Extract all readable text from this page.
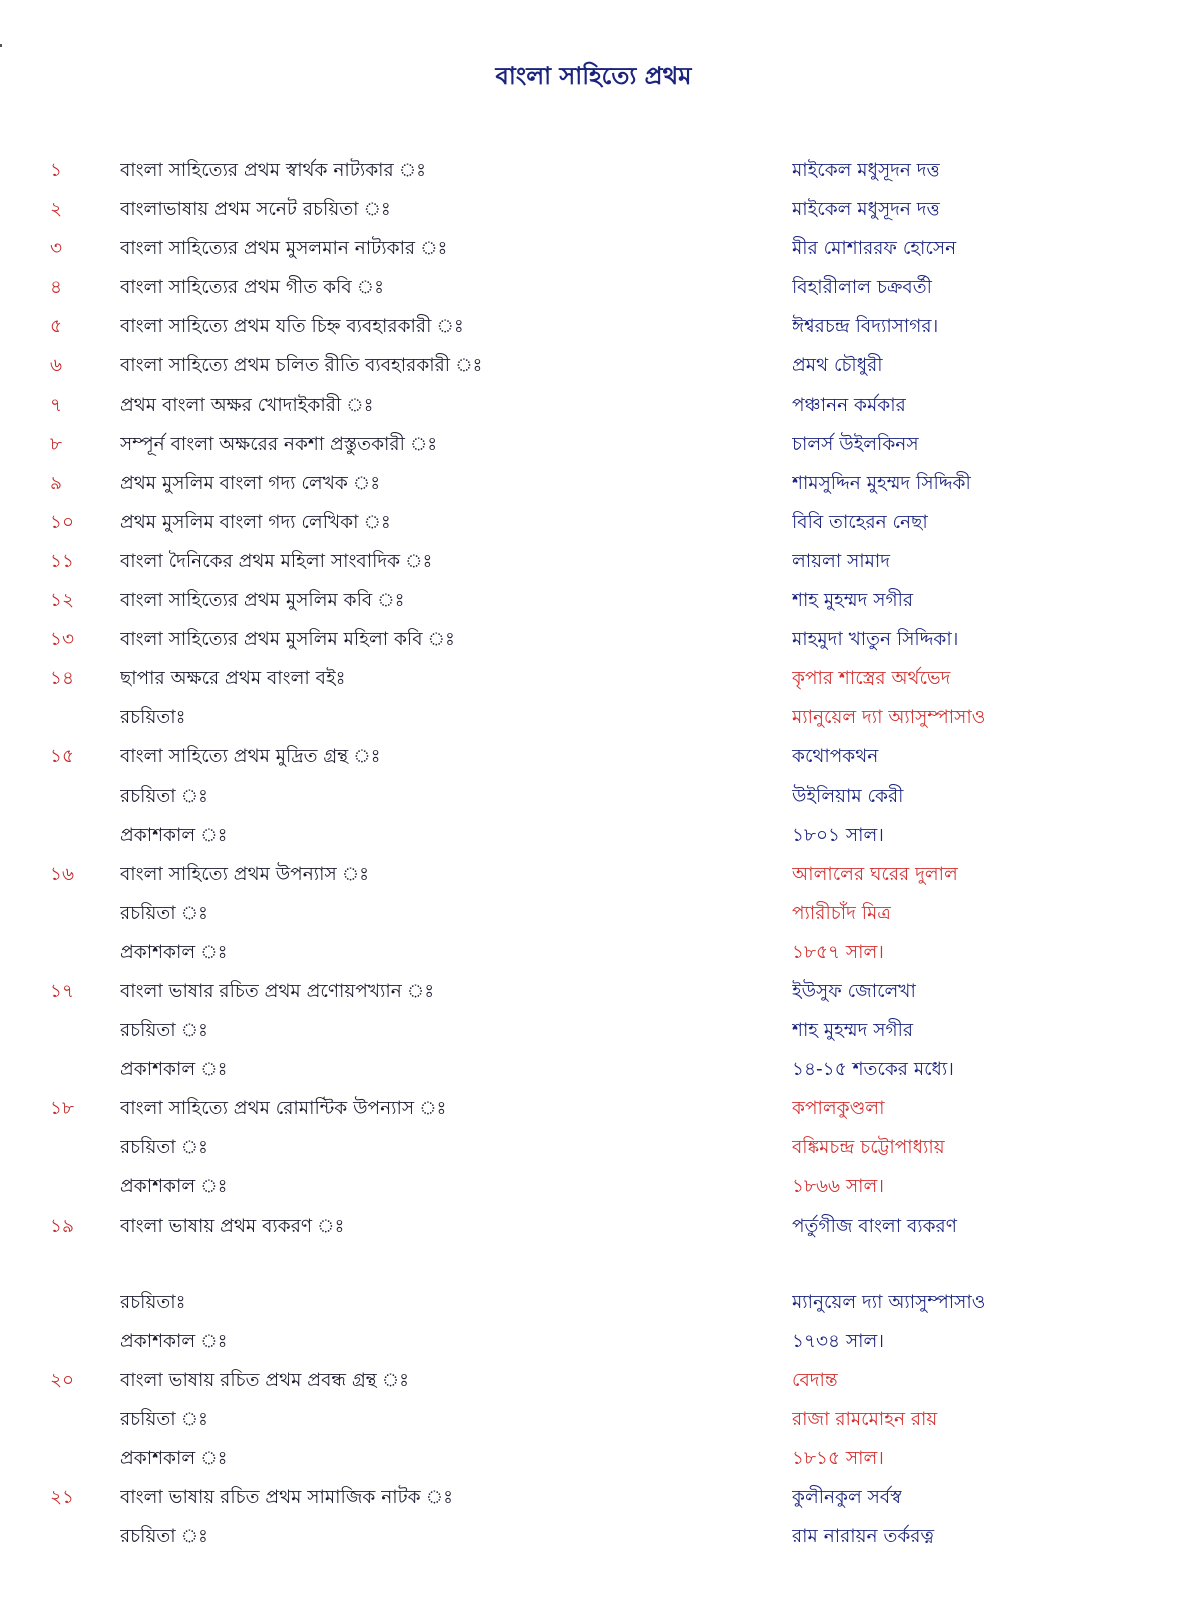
বাংলা সাহিত্যে প্রথম
১	বাংলা সাহিত্যের প্রথম স্বার্থক নাট্যকার ঃ	মাইকেল মধুসূদন দত্ত
২	বাংলাভাষায় প্রথম সনেট রচয়িতা ঃ	মাইকেল মধুসূদন দত্ত
৩	বাংলা সাহিত্যের প্রথম মুসলমান নাট্যকার ঃ	মীর মোশাররফ হোসেন
৪	বাংলা সাহিত্যের প্রথম গীত কবি ঃ	বিহারীলাল চক্রবর্তী
৫	বাংলা সাহিত্যে প্রথম যতি চিহ্ন ব্যবহারকারী ঃ	ঈশ্বরচন্দ্র বিদ্যাসাগর।
৬	বাংলা সাহিত্যে প্রথম চলিত রীতি ব্যবহারকারী ঃ	প্রমথ চৌধুরী
৭	প্রথম বাংলা অক্ষর খোদাইকারী ঃ	পঞ্চানন কর্মকার
৮	সম্পূর্ন বাংলা অক্ষরের নকশা প্রস্তুতকারী ঃ	চালর্স উইলকিনস
৯	প্রথম মুসলিম বাংলা গদ্য লেখক ঃ	শামসুদ্দিন মুহম্মদ সিদ্দিকী
১০	প্রথম মুসলিম বাংলা গদ্য লেখিকা ঃ	বিবি তাহেরন নেছা
১১	বাংলা দৈনিকের প্রথম মহিলা সাংবাদিক ঃ	লায়লা সামাদ
১২	বাংলা সাহিত্যের প্রথম মুসলিম কবি ঃ	শাহ মুহম্মদ সগীর
১৩	বাংলা সাহিত্যের প্রথম মুসলিম মহিলা কবি ঃ	মাহমুদা খাতুন সিদ্দিকা।
১৪	ছাপার অক্ষরে প্রথম বাংলা বইঃ	কৃপার শাস্ত্রের অর্থভেদ
রচয়িতাঃ	ম্যানুয়েল দ্যা অ্যাসুম্পাসাও
১৫	বাংলা সাহিত্যে প্রথম মুদ্রিত গ্রন্থ ঃ	কথোপকথন
রচয়িতা ঃ	উইলিয়াম কেরী
প্রকাশকাল ঃ	১৮০১ সাল।
১৬	বাংলা সাহিত্যে প্রথম উপন্যাস ঃ	আলালের ঘরের দুলাল
রচয়িতা ঃ	প্যারীচাঁদ মিত্র
প্রকাশকাল ঃ	১৮৫৭ সাল।
১৭	বাংলা ভাষার রচিত প্রথম প্রণোয়পখ্যান ঃ	ইউসুফ জোলেখা
রচয়িতা ঃ	শাহ মুহম্মদ সগীর
প্রকাশকাল ঃ	১৪-১৫ শতকের মধ্যে।
১৮	বাংলা সাহিত্যে প্রথম রোমান্টিক উপন্যাস ঃ	কপালকুণ্ডলা
রচয়িতা ঃ	বঙ্কিমচন্দ্র চট্টোপাধ্যায়
প্রকাশকাল ঃ	১৮৬৬ সাল।
১৯	বাংলা ভাষায় প্রথম ব্যকরণ ঃ	পর্তুগীজ বাংলা ব্যকরণ
রচয়িতাঃ	ম্যানুয়েল দ্যা অ্যাসুম্পাসাও
প্রকাশকাল ঃ	১৭৩৪ সাল।
২০	বাংলা ভাষায় রচিত প্রথম প্রবন্ধ গ্রন্থ ঃ	বেদান্ত
রচয়িতা ঃ	রাজা রামমোহন রায়
প্রকাশকাল ঃ	১৮১৫ সাল।
২১	বাংলা ভাষায় রচিত প্রথম সামাজিক নাটক ঃ	কুলীনকুল সর্বস্ব
রচয়িতা ঃ	রাম নারায়ন তর্করত্ন
